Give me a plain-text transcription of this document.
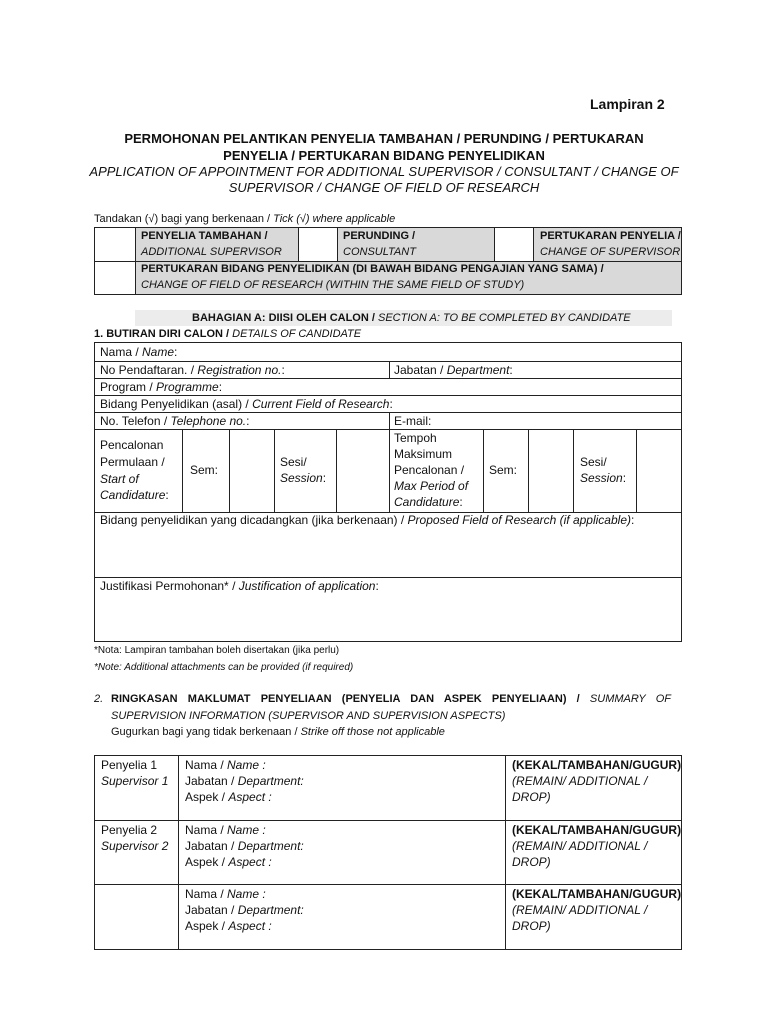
Lampiran 2
PERMOHONAN PELANTIKAN PENYELIA TAMBAHAN / PERUNDING / PERTUKARAN
PENYELIA / PERTUKARAN BIDANG PENYELIDIKAN
APPLICATION OF APPOINTMENT FOR ADDITIONAL SUPERVISOR / CONSULTANT / CHANGE OF
SUPERVISOR / CHANGE OF FIELD OF RESEARCH
Tandakan (√) bagi yang berkenaan / Tick (√) where applicable
PENYELIA TAMBAHAN /
ADDITIONAL SUPERVISOR
PERUNDING /
CONSULTANT
PERTUKARAN PENYELIA /
CHANGE OF SUPERVISOR
PERTUKARAN BIDANG PENYELIDIKAN (DI BAWAH BIDANG PENGAJIAN YANG SAMA) /
CHANGE OF FIELD OF RESEARCH (WITHIN THE SAME FIELD OF STUDY)
BAHAGIAN A: DIISI OLEH CALON / SECTION A: TO BE COMPLETED BY CANDIDATE
1. BUTIRAN DIRI CALON / DETAILS OF CANDIDATE
Nama / Name:
No Pendaftaran. / Registration no.:	Jabatan / Department:
Program / Programme:
Bidang Penyelidikan (asal) / Current Field of Research:
No. Telefon / Telephone no.:	E-mail:
Pencalonan
Permulaan /
Start of
Candidature:
Sem:
Sesi/
Session:
Tempoh
Maksimum
Pencalonan /
Max Period of
Candidature:
Sem:
Sesi/
Session:
Bidang penyelidikan yang dicadangkan (jika berkenaan) / Proposed Field of Research (if applicable):
Justifikasi Permohonan* / Justification of application:
*Nota: Lampiran tambahan boleh disertakan (jika perlu)
*Note: Additional attachments can be provided (if required)
2. RINGKASAN MAKLUMAT PENYELIAAN (PENYELIA DAN ASPEK PENYELIAAN) / SUMMARY OF
SUPERVISION INFORMATION (SUPERVISOR AND SUPERVISION ASPECTS)
Gugurkan bagi yang tidak berkenaan / Strike off those not applicable
Penyelia 1
Supervisor 1
Nama / Name :
Jabatan / Department:
Aspek / Aspect :
(KEKAL/TAMBAHAN/GUGUR)
(REMAIN/ ADDITIONAL /
DROP)
Penyelia 2
Supervisor 2
Nama / Name :
Jabatan / Department:
Aspek / Aspect :
(KEKAL/TAMBAHAN/GUGUR)
(REMAIN/ ADDITIONAL /
DROP)
Nama / Name :
Jabatan / Department:
Aspek / Aspect :
(KEKAL/TAMBAHAN/GUGUR)
(REMAIN/ ADDITIONAL /
DROP)
